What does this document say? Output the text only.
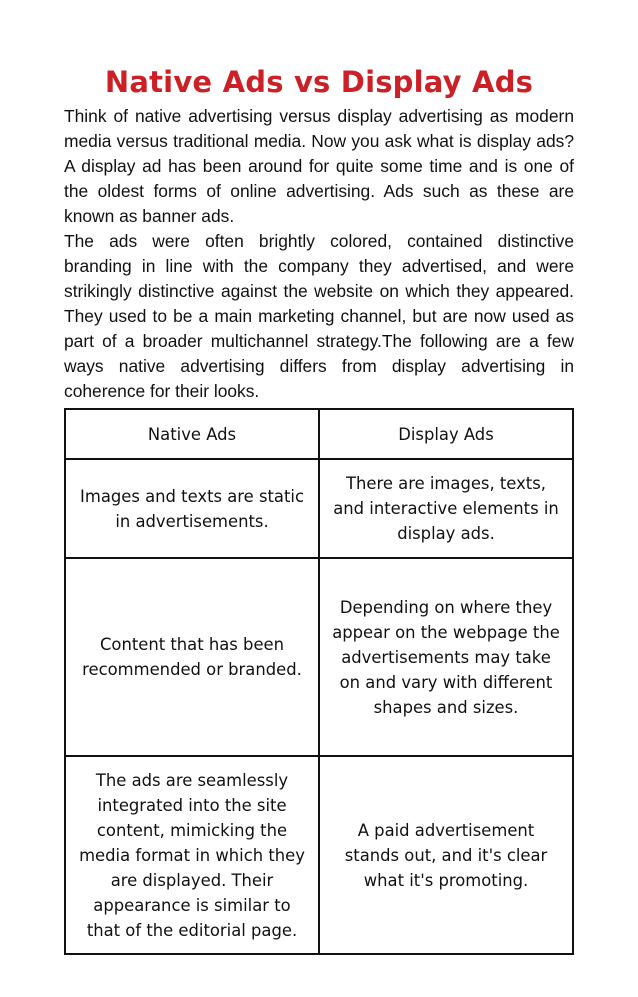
Native Ads vs Display Ads

Think of native advertising versus display advertising as modern media versus traditional media. Now you ask what is display ads? A display ad has been around for quite some time and is one of the oldest forms of online advertising. Ads such as these are known as banner ads.

The ads were often brightly colored, contained distinctive branding in line with the company they advertised, and were strikingly distinctive against the website on which they appeared. They used to be a main marketing channel, but are now used as part of a broader multichannel strategy.The following are a few ways native advertising differs from display advertising in coherence for their looks.

Native Ads	Display Ads
Images and texts are static in advertisements.	There are images, texts, and interactive elements in display ads.
Content that has been recommended or branded.	Depending on where they appear on the webpage the advertisements may take on and vary with different shapes and sizes.
The ads are seamlessly integrated into the site content, mimicking the media format in which they are displayed. Their appearance is similar to that of the editorial page.	A paid advertisement stands out, and it's clear what it's promoting.
